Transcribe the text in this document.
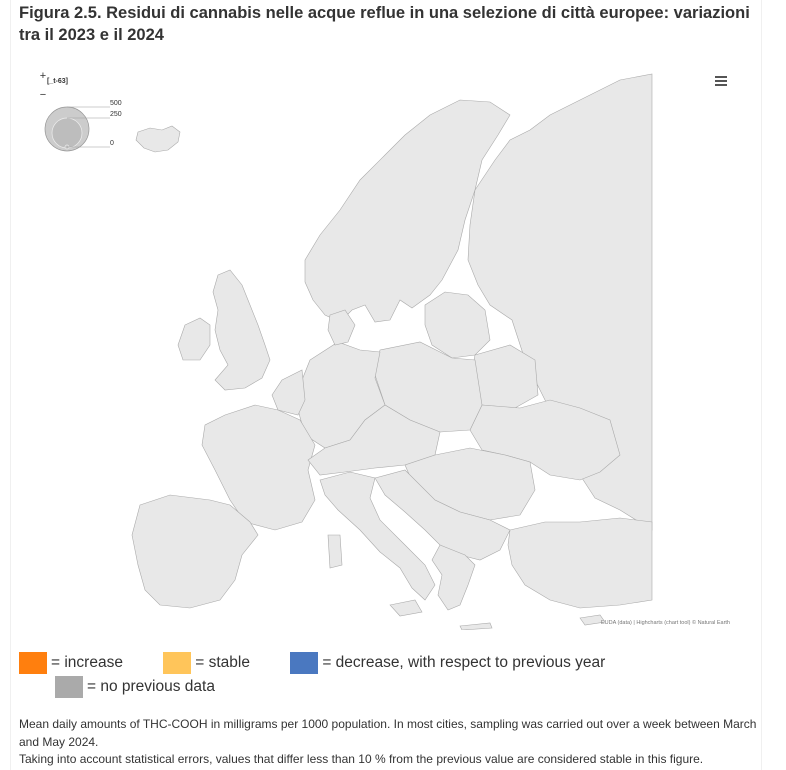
Figura 2.5. Residui di cannabis nelle acque reflue in una selezione di città europee: variazioni tra il 2023 e il 2024
+
−
[_t-63]
500
250
0
EUDA (data) | Highcharts (chart tool) © Natural Earth
= increase	= stable	= decrease, with respect to previous year = no previous data

Mean daily amounts of THC-COOH in milligrams per 1000 population. In most cities, sampling was carried out over a week between March and May 2024.

Taking into account statistical errors, values that differ less than 10 % from the previous value are considered stable in this figure.
